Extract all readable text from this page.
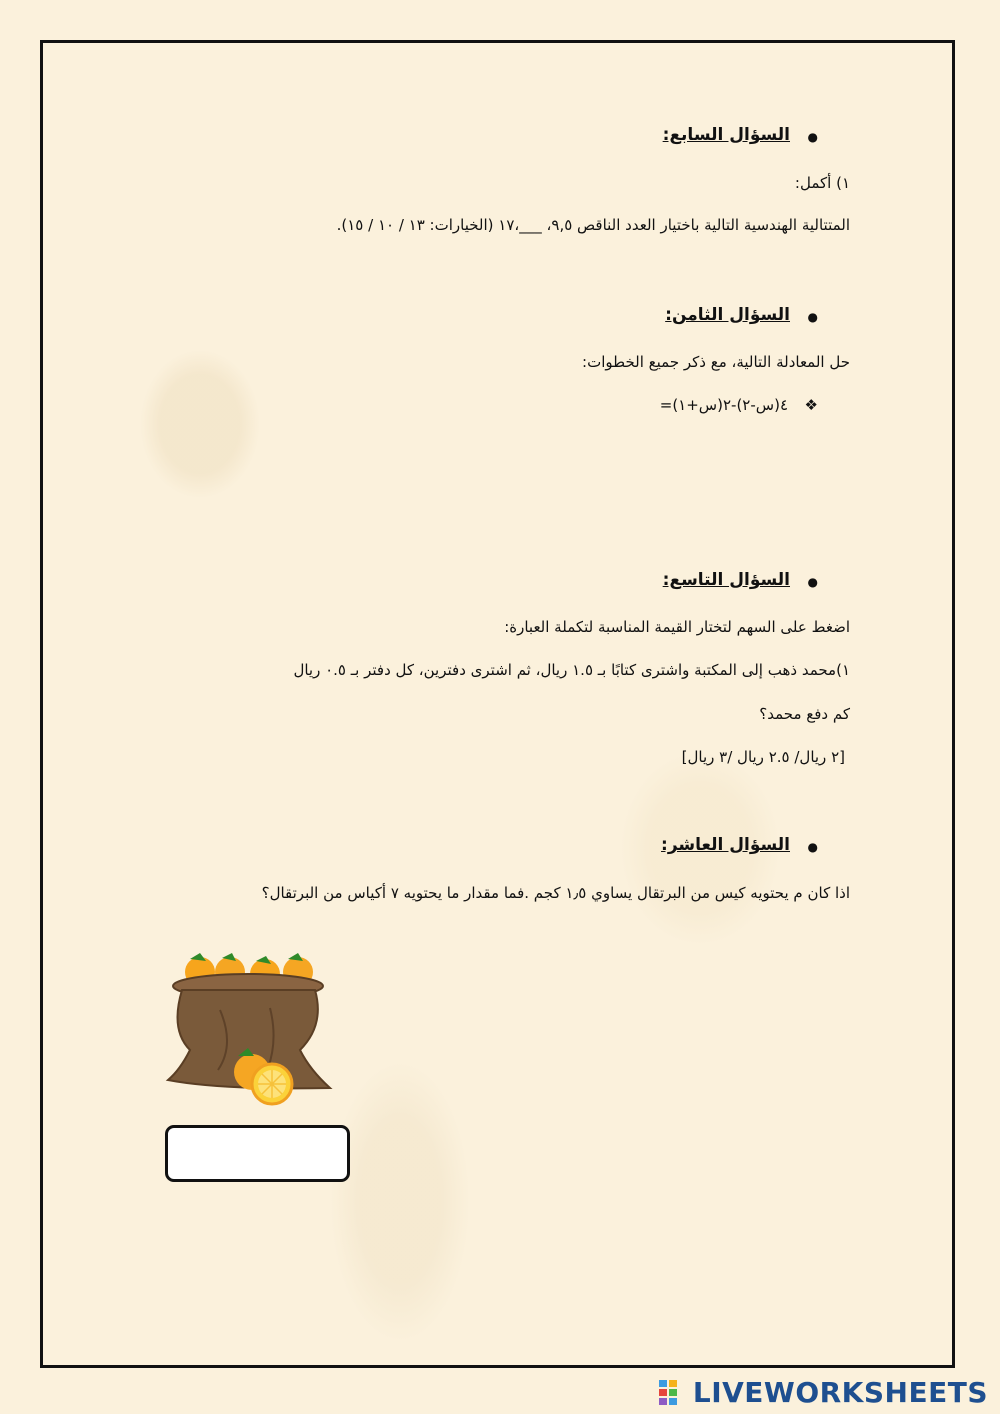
●
السؤال السابع:
١) أكمل:
المتتالية الهندسية التالية باختيار العدد الناقص ٥‚٩، ___،١٧ (الخيارات: ١٣ / ١٠ / ١٥).
●
السؤال الثامن:
حل المعادلة التالية، مع ذكر جميع الخطوات:
❖
٤(س-٢)-٢(س+١)=
●
السؤال التاسع:
اضغط على السهم لتختار القيمة المناسبة لتكملة العبارة:
١)محمد ذهب إلى المكتبة واشترى كتابًا بـ ١.٥ ريال، ثم اشترى دفترين، كل دفتر بـ ٠.٥ ريال
كم دفع محمد؟
[٢ ريال/ ٢.٥ ريال /٣ ريال]
●
السؤال العاشر:
اذا كان م يحتويه كيس من البرتقال يساوي ١٫٥ كجم .فما مقدار ما يحتويه ٧ أكياس من البرتقال؟
LIVEWORKSHEETS
